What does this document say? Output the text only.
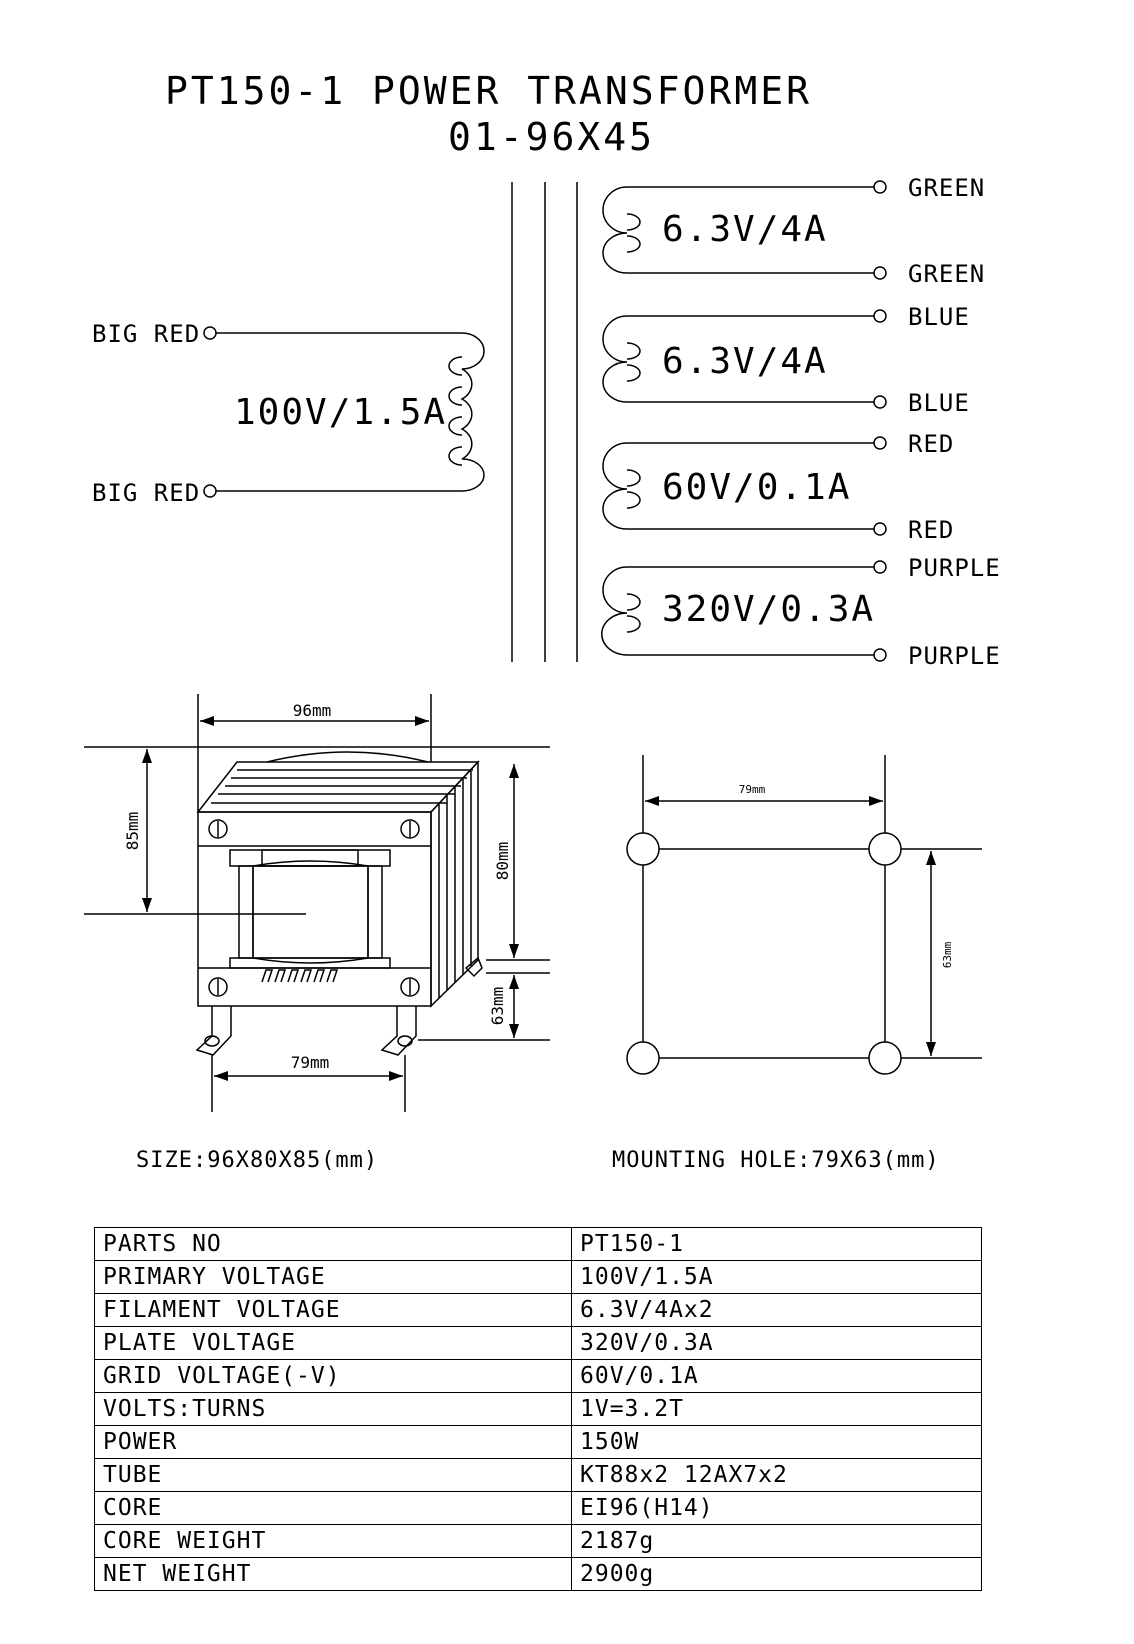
PT150-1 POWER TRANSFORMER
01-96X45
96mm
85mm
80mm
63mm
79mm
79mm
63mm
BIG RED
BIG RED
100V/1.5A
6.3V/4A
6.3V/4A
60V/0.1A
320V/0.3A
GREEN
GREEN
BLUE
BLUE
RED
RED
PURPLE
PURPLE
SIZE:96X80X85(mm)	MOUNTING HOLE:79X63(mm)
PARTS NO	PT150-1
PRIMARY VOLTAGE	100V/1.5A
FILAMENT VOLTAGE	6.3V/4Ax2
PLATE VOLTAGE	320V/0.3A
GRID VOLTAGE(-V)	60V/0.1A
VOLTS:TURNS	1V=3.2T
POWER	150W
TUBE	KT88x2 12AX7x2
CORE	EI96(H14)
CORE WEIGHT	2187g
NET WEIGHT	2900g
